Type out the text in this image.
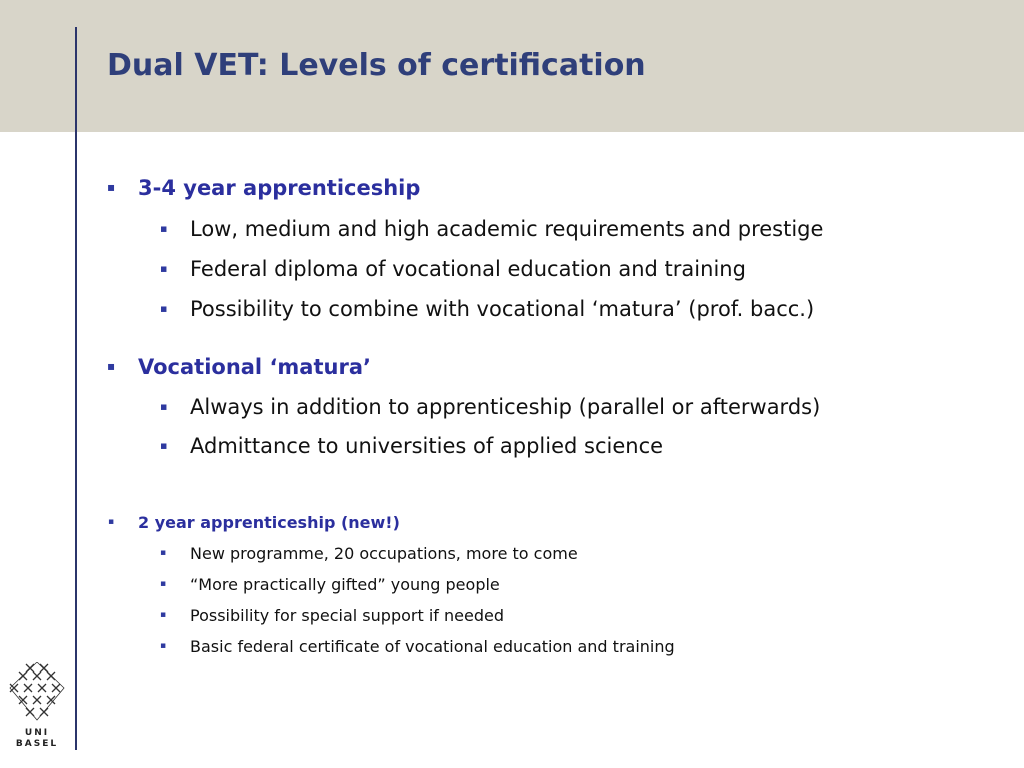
Dual VET: Levels of certification
▪ 3-4 year apprenticeship
▪ Low, medium and high academic requirements and prestige
▪ Federal diploma of vocational education and training
▪ Possibility to combine with vocational ‘matura’ (prof. bacc.)
▪ Vocational ‘matura’
▪ Always in addition to apprenticeship (parallel or afterwards)
▪ Admittance to universities of applied science
▪ 2 year apprenticeship (new!)
▪ New programme, 20 occupations, more to come
▪ “More practically gifted” young people
▪ Possibility for special support if needed
▪ Basic federal certificate of vocational education and training
UNI
BASEL
